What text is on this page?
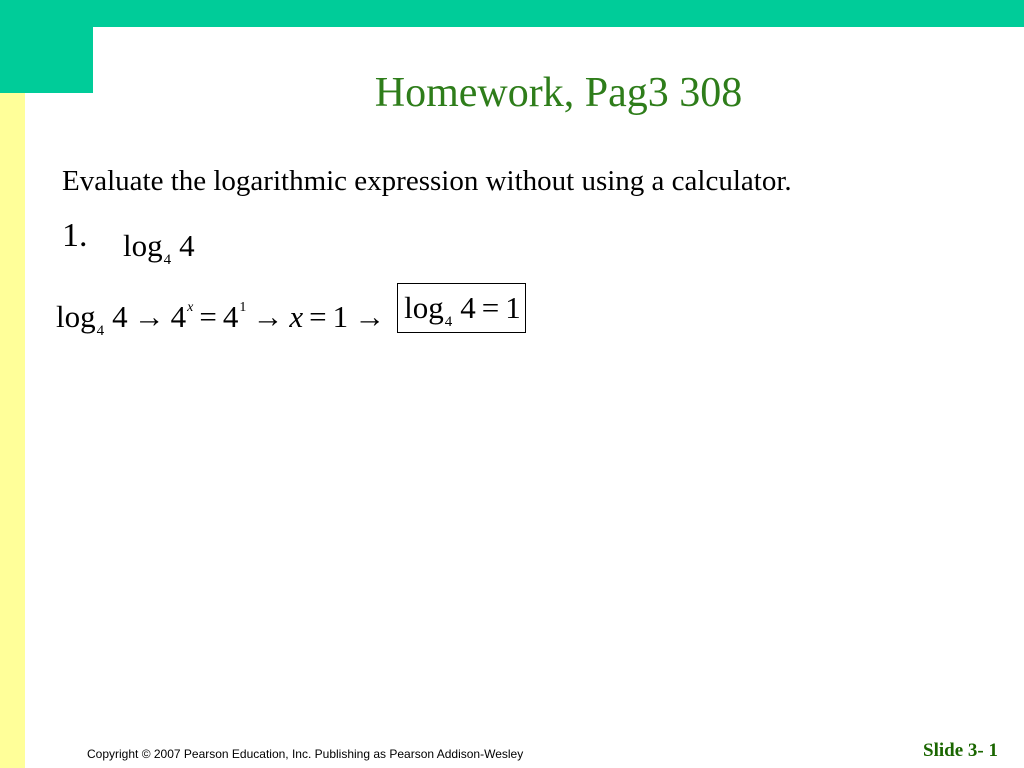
Homework, Pag3 308
Evaluate the logarithmic expression without using a calculator.
1. $\log_4 4$
$\log_4 4 \to 4^x = 4^1 \to x = 1 \to \log_4 4 = 1$
Copyright © 2007 Pearson Education, Inc. Publishing as Pearson Addison-Wesley	Slide 3- 1
